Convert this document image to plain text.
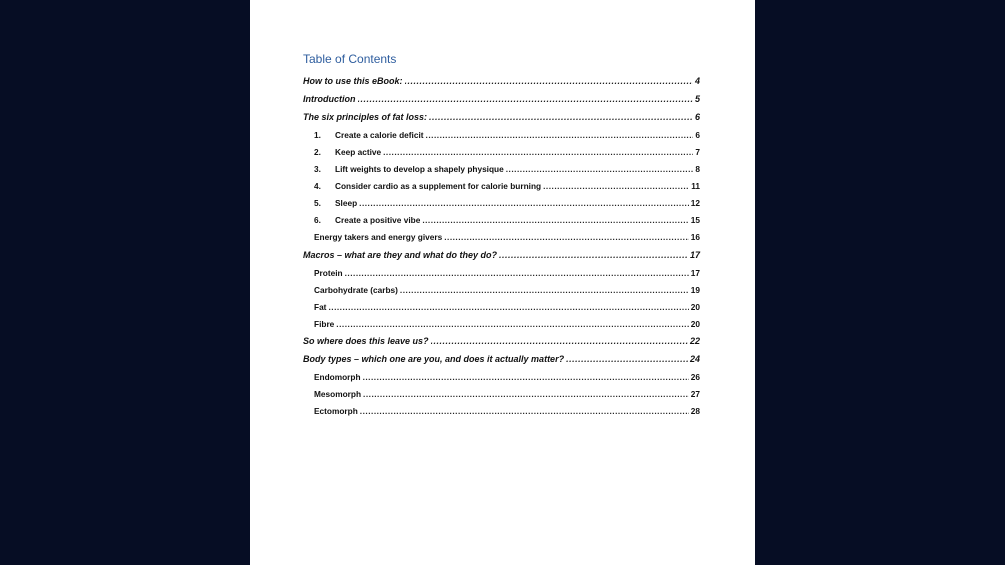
Table of Contents
How to use this eBook: .....	4
Introduction .....	5
The six principles of fat loss: .....	6
1.	Create a calorie deficit .....	6
2.	Keep active .....	7
3.	Lift weights to develop a shapely physique .....	8
4.	Consider cardio as a supplement for calorie burning .....	11
5.	Sleep .....	12
6.	Create a positive vibe .....	15
Energy takers and energy givers .....	16
Macros – what are they and what do they do? .....	17
Protein .....	17
Carbohydrate (carbs) .....	19
Fat .....	20
Fibre .....	20
So where does this leave us? .....	22
Body types – which one are you, and does it actually matter? .....	24
Endomorph .....	26
Mesomorph .....	27
Ectomorph .....	28
